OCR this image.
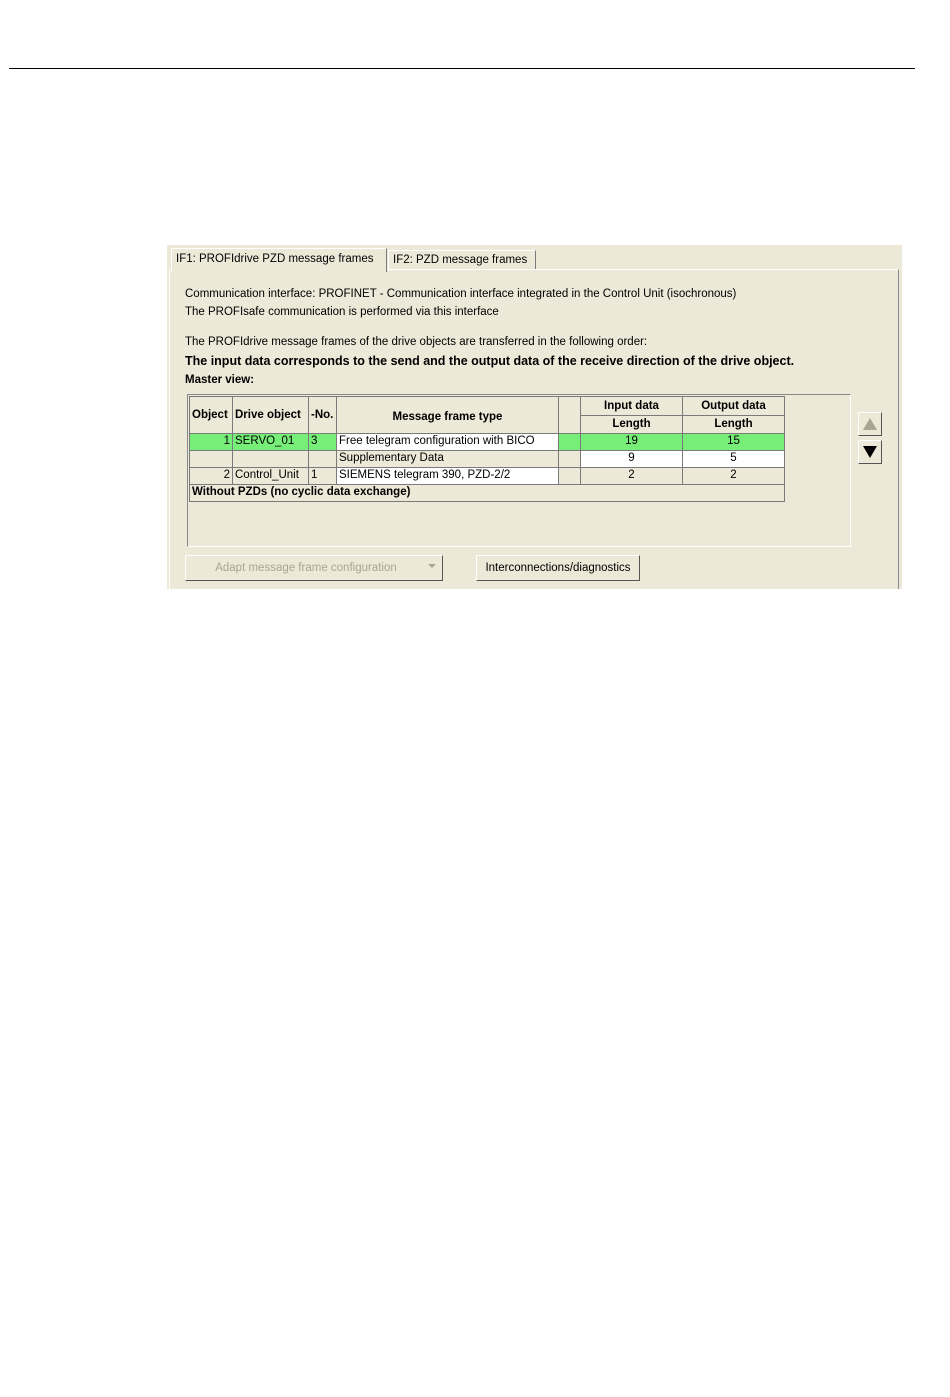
IF1: PROFIdrive PZD message frames	IF2: PZD message frames
Communication interface: PROFINET - Communication interface integrated in the Control Unit (isochronous)
The PROFIsafe communication is performed via this interface
The PROFIdrive message frames of the drive objects are transferred in the following order:
The input data corresponds to the send and the output data of the receive direction of the drive object.
Master view:
Object Drive object -No.	Message frame type
Input data	Output data
Length	Length
1 SERVO_01	3	Free telegram configuration with BICO	19	15
Supplementary Data	9	5
2 Control_Unit	1	SIEMENS telegram 390, PZD-2/2	2	2
Without PZDs (no cyclic data exchange)
Adapt message frame configuration	Interconnections/diagnostics
